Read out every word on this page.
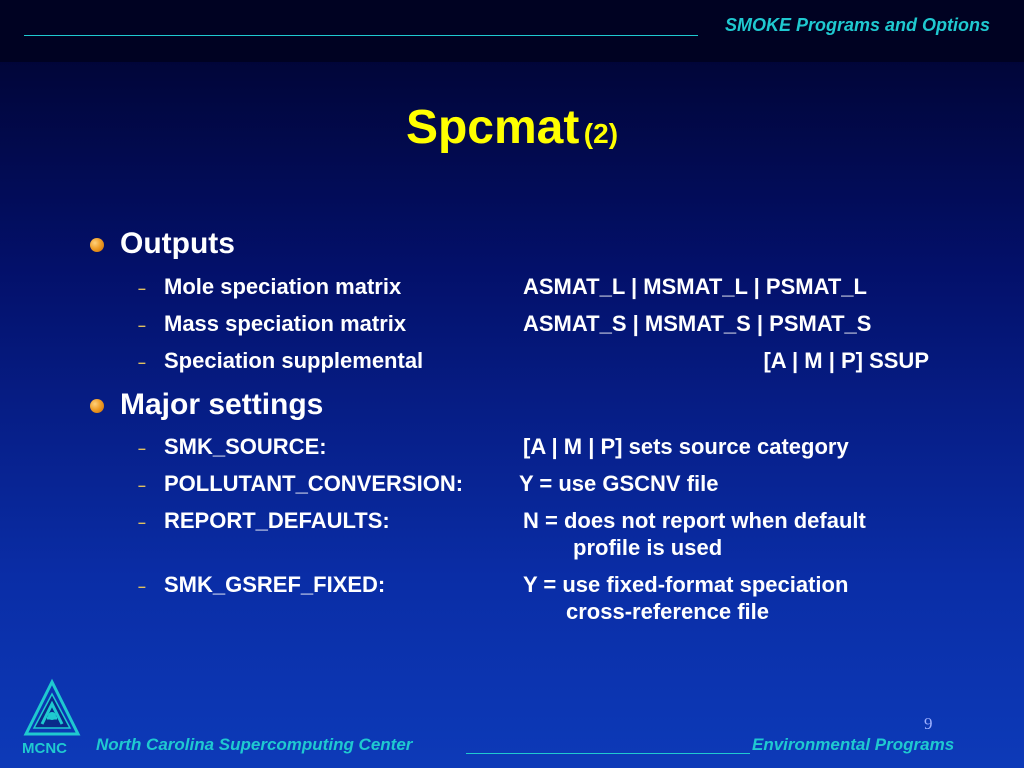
SMOKE Programs and Options
Spcmat (2)
Outputs
– Mole speciation matrix	ASMAT_L | MSMAT_L | PSMAT_L
– Mass speciation matrix	ASMAT_S | MSMAT_S | PSMAT_S
– Speciation supplemental	[A | M | P] SSUP
Major settings
– SMK_SOURCE:	[A | M | P] sets source category
– POLLUTANT_CONVERSION:	Y = use GSCNV file
– REPORT_DEFAULTS:	N = does not report when default
profile is used
– SMK_GSREF_FIXED:	Y = use fixed-format speciation
cross-reference file
MCNC North Carolina Supercomputing Center	Environmental Programs
9
